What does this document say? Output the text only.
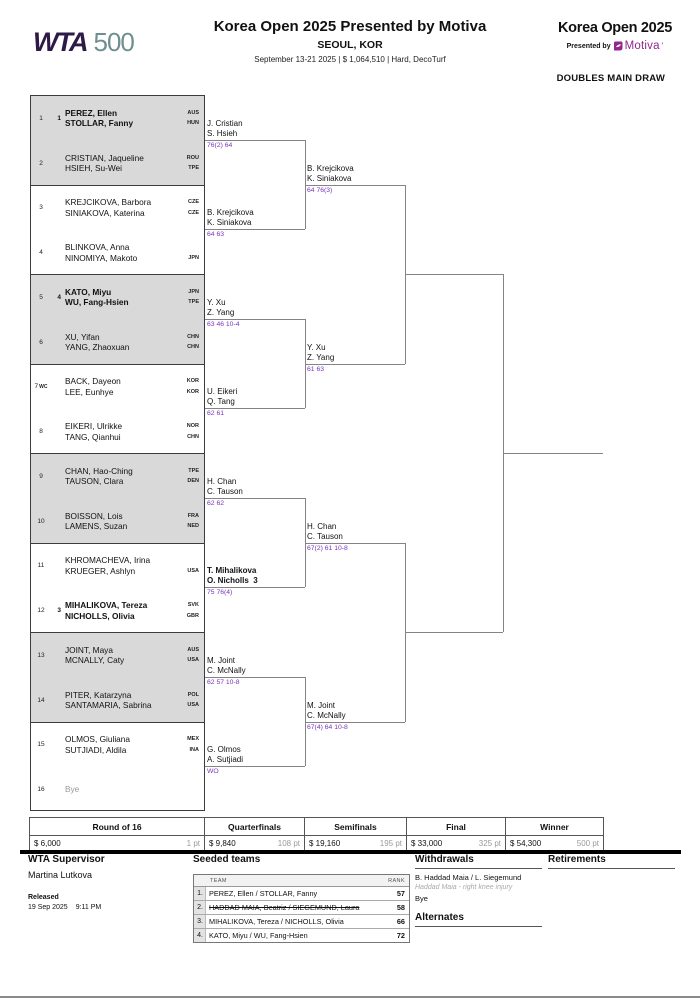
WTA 500
Korea Open 2025 Presented by Motiva
SEOUL, KOR
September 13-21 2025 | $ 1,064,510 | Hard, DecoTurf
Korea Open 2025
Presented by Motiva ’
DOUBLES MAIN DRAW
1	1
PEREZ, Ellen
STOLLAR, Fanny
AUS
HUN
2
CRISTIAN, Jaqueline
HSIEH, Su-Wei
ROU
TPE
3
KREJCIKOVA, Barbora
SINIAKOVA, Katerina
CZE
CZE
4
BLINKOVA, Anna
NINOMIYA, Makoto	JPN
5	4
KATO, Miyu
WU, Fang-Hsien
JPN
TPE
6
XU, Yifan
YANG, Zhaoxuan
CHN
CHN
7WC
BACK, Dayeon
LEE, Eunhye
KOR
KOR
8
EIKERI, Ulrikke
TANG, Qianhui
NOR
CHN
9
CHAN, Hao-Ching
TAUSON, Clara
TPE
DEN
10
BOISSON, Lois
LAMENS, Suzan
FRA
NED
11
KHROMACHEVA, Irina
KRUEGER, Ashlyn	USA
12	3
MIHALIKOVA, Tereza
NICHOLLS, Olivia
SVK
GBR
13
JOINT, Maya
MCNALLY, Caty
AUS
USA
14
PITER, Katarzyna
SANTAMARIA, Sabrina
POL
USA
15
OLMOS, Giuliana
SUTJIADI, Aldila
MEX
INA
16	Bye
J. Cristian
S. Hsieh
76(2) 64
B. Krejcikova
K. Siniakova
64 63
Y. Xu
Z. Yang
63 46 10-4
U. Eikeri
Q. Tang
62 61
H. Chan
C. Tauson
62 62
T. Mihalikova
O. Nicholls  3
75 76(4)
M. Joint
C. McNally
62 57 10-8
G. Olmos
A. Sutjiadi
WO
B. Krejcikova
K. Siniakova
64 76(3)
Y. Xu
Z. Yang
61 63
H. Chan
C. Tauson
67(2) 61 10-8
M. Joint
C. McNally
67(4) 64 10-8
Round of 16	Quarterfinals	Semifinals	Final	Winner
$ 6,000	1 pt $ 9,840	108 pt $ 19,160	195 pt $ 33,000	325 pt $ 54,300	500 pt
WTA Supervisor
Martina Lutkova
Released
19 Sep 2025 9:11 PM
Seeded teams
TEAM	RANK
1. PEREZ, Ellen / STOLLAR, Fanny	57
2. HADDAD MAIA, Beatriz / SIEGEMUND, Laura	58
3. MIHALIKOVA, Tereza / NICHOLLS, Olivia	66
4. KATO, Miyu / WU, Fang-Hsien	72
Withdrawals
B. Haddad Maia / L. Siegemund
Haddad Maia - right knee injury
Bye
Alternates
Retirements
